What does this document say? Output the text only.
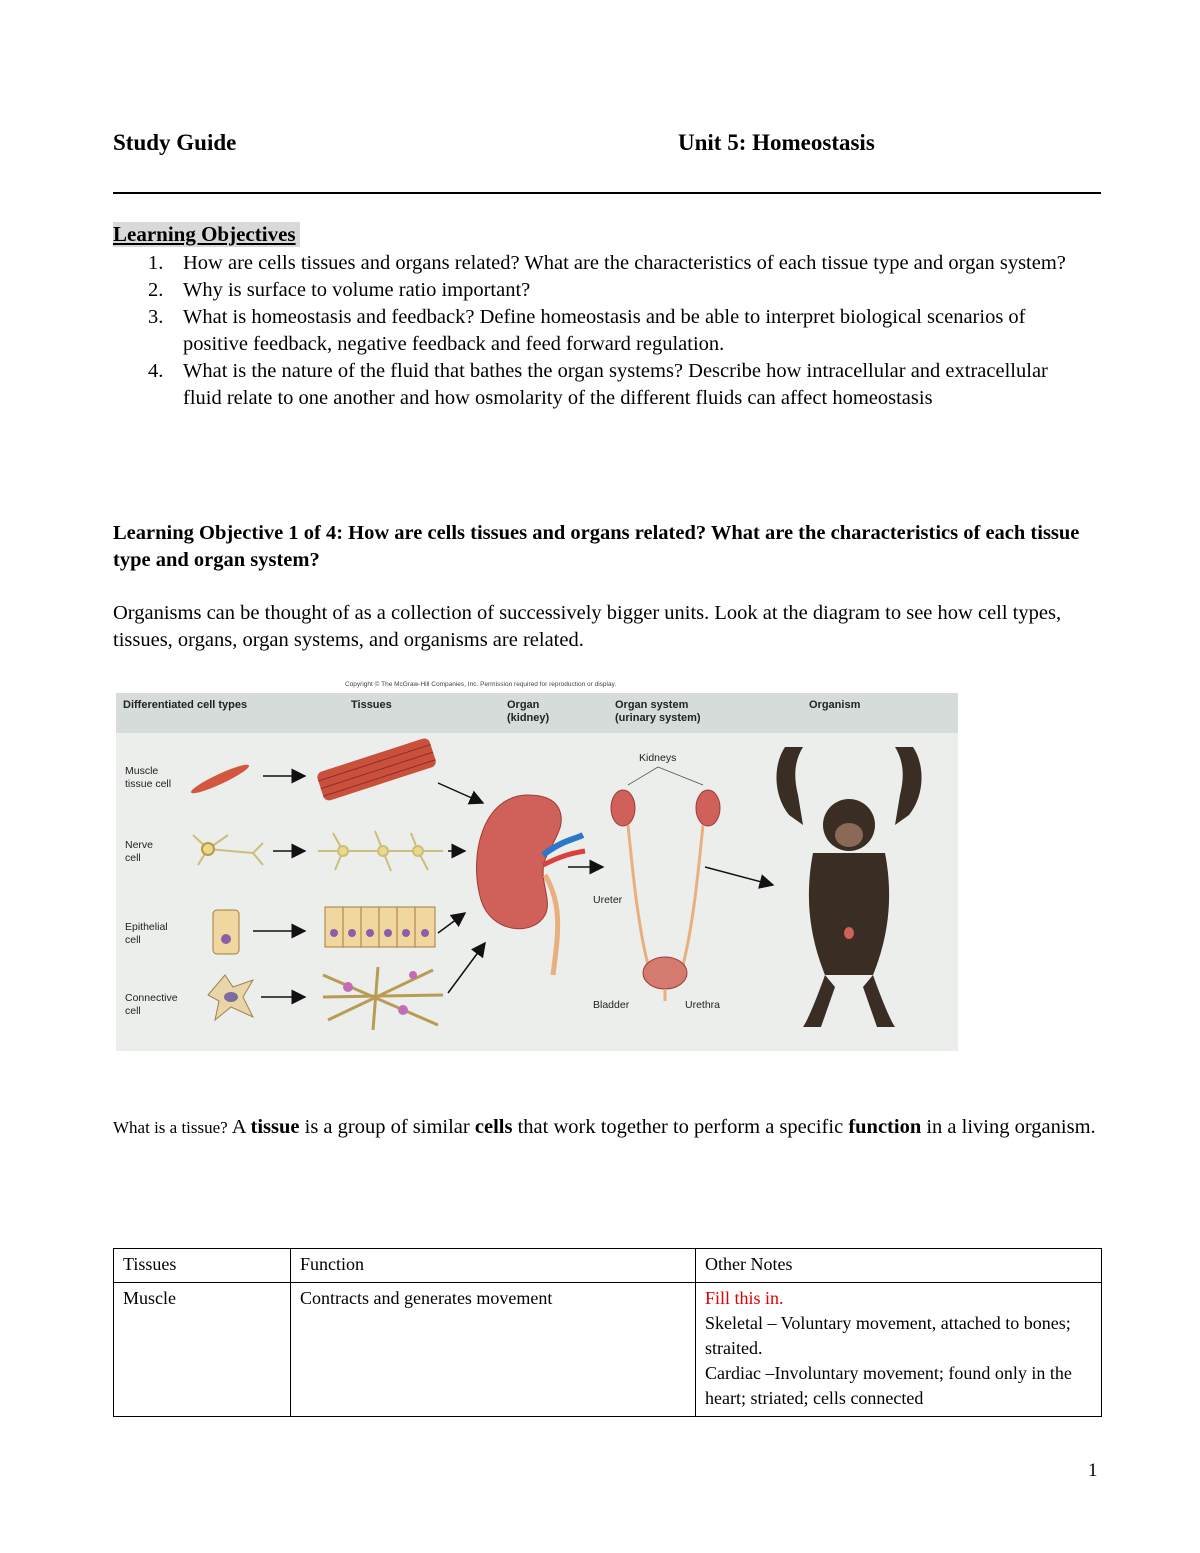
Study Guide	Unit 5: Homeostasis
Learning Objectives
1. How are cells tissues and organs related? What are the characteristics of each tissue type and organ system?
2. Why is surface to volume ratio important?
3. What is homeostasis and feedback? Define homeostasis and be able to interpret biological scenarios of positive feedback, negative feedback and feed forward regulation.
4. What is the nature of the fluid that bathes the organ systems? Describe how intracellular and extracellular fluid relate to one another and how osmolarity of the different fluids can affect homeostasis
Learning Objective 1 of 4: How are cells tissues and organs related? What are the characteristics of each tissue type and organ system?
Organisms can be thought of as a collection of successively bigger units. Look at the diagram to see how cell types, tissues, organs, organ systems, and organisms are related.
Copyright © The McGraw-Hill Companies, Inc. Permission required for reproduction or display.
Differentiated cell types	Tissues	Organ
(kidney)
Organ system
(urinary system)
Organism
Muscle
tissue cell
Nerve
cell
Epithelial
cell
Connective
cell
Kidneys
Ureter
Bladder	Urethra
What is a tissue? A tissue is a group of similar cells that work together to perform a specific function in a living organism.
Tissues	Function	Other Notes
Muscle	Contracts and generates movement	Fill this in.
Skeletal – Voluntary movement, attached to bones; straited.
Cardiac –Involuntary movement; found only in the heart; striated; cells connected
1
